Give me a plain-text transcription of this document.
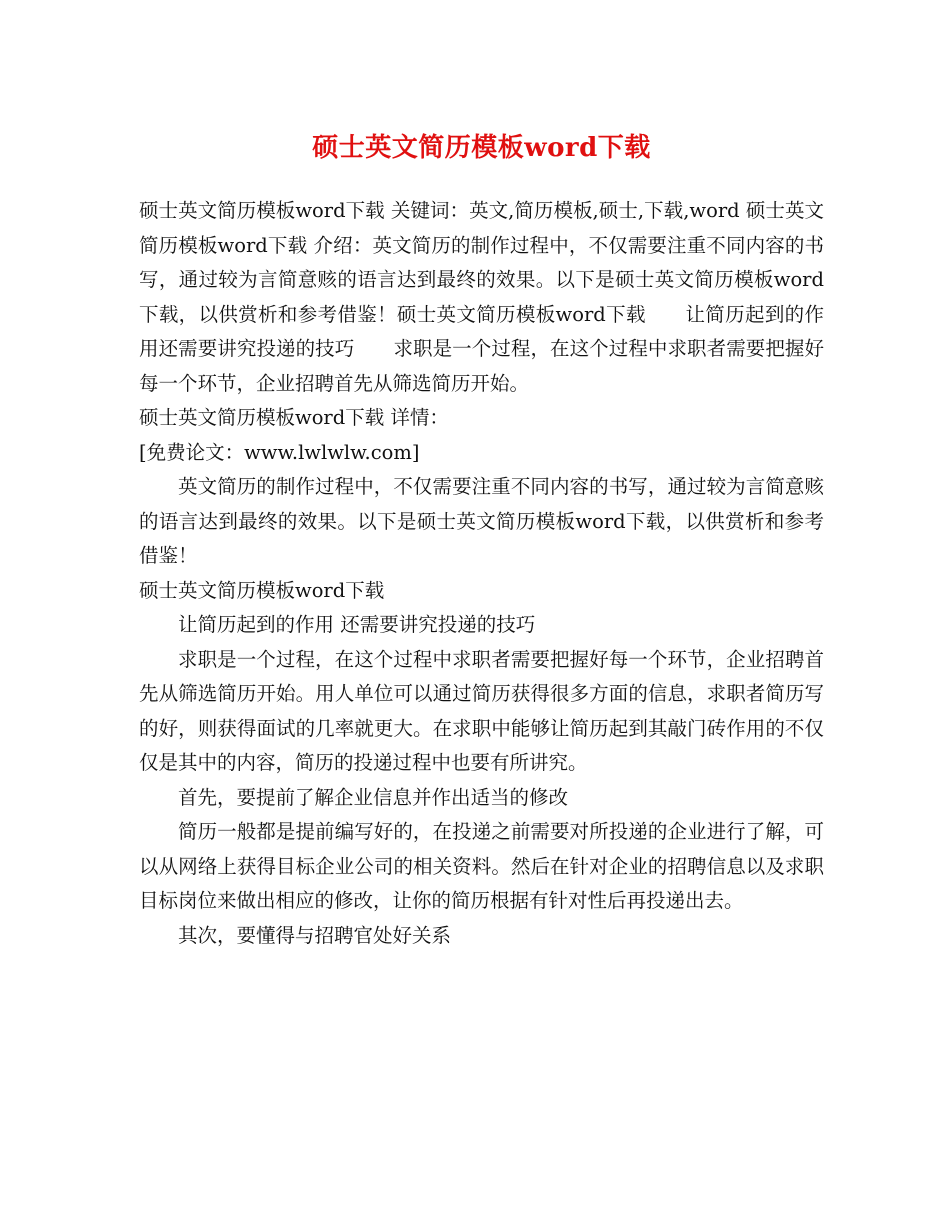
硕士英文简历模板word下载

硕士英文简历模板word下载 关键词：英文,简历模板,硕士,下载,word 硕士英文简历模板word下载 介绍：英文简历的制作过程中，不仅需要注重不同内容的书写，通过较为言简意赅的语言达到最终的效果。以下是硕士英文简历模板word下载，以供赏析和参考借鉴！硕士英文简历模板word下载　　让简历起到的作用还需要讲究投递的技巧　　求职是一个过程，在这个过程中求职者需要把握好每一个环节，企业招聘首先从筛选简历开始。

硕士英文简历模板word下载 详情：

[免费论文：www.lwlwlw.com]

英文简历的制作过程中，不仅需要注重不同内容的书写，通过较为言简意赅的语言达到最终的效果。以下是硕士英文简历模板word下载，以供赏析和参考借鉴！

硕士英文简历模板word下载

让简历起到的作用 还需要讲究投递的技巧

求职是一个过程，在这个过程中求职者需要把握好每一个环节，企业招聘首先从筛选简历开始。用人单位可以通过简历获得很多方面的信息，求职者简历写的好，则获得面试的几率就更大。在求职中能够让简历起到其敲门砖作用的不仅仅是其中的内容，简历的投递过程中也要有所讲究。

首先，要提前了解企业信息并作出适当的修改

简历一般都是提前编写好的，在投递之前需要对所投递的企业进行了解，可以从网络上获得目标企业公司的相关资料。然后在针对企业的招聘信息以及求职目标岗位来做出相应的修改，让你的简历根据有针对性后再投递出去。

其次，要懂得与招聘官处好关系
